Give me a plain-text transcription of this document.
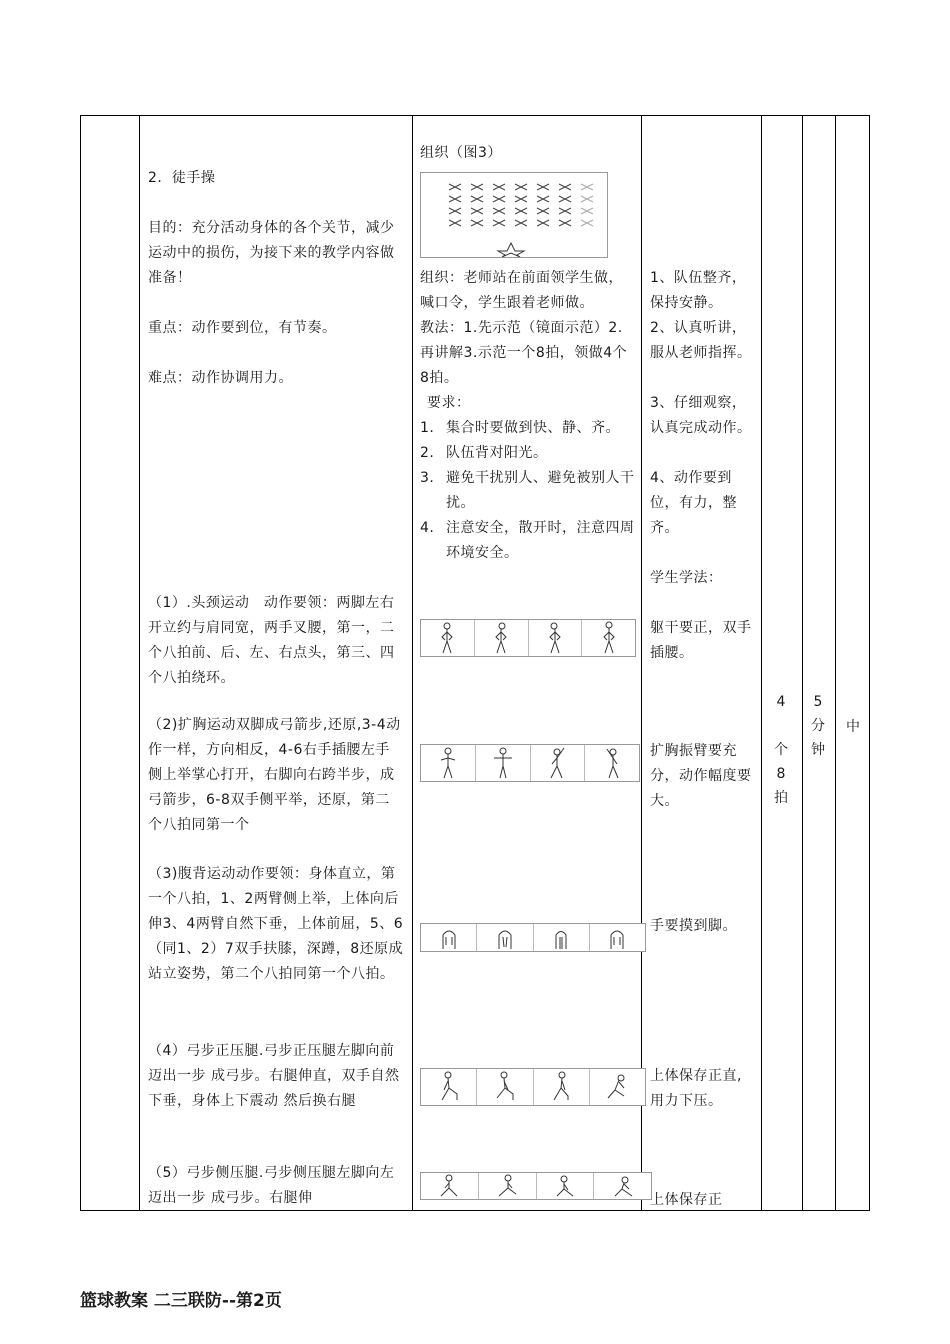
2．徒手操
目的：充分活动身体的各个关节，减少运动中的损伤，为接下来的教学内容做准备！
重点：动作要到位，有节奏。
难点：动作协调用力。
（1）.头颈运动　动作要领：两脚左右开立约与肩同宽，两手叉腰，第一，二个八拍前、后、左、右点头，第三、四个八拍绕环。
（2)扩胸运动双脚成弓箭步,还原,3-4动作一样，方向相反，4-6右手插腰左手侧上举掌心打开，右脚向右跨半步，成弓箭步，6-8双手侧平举，还原，第二个八拍同第一个
（3)腹背运动动作要领：身体直立，第一个八拍，1、2两臂侧上举，上体向后伸3、4两臂自然下垂，上体前屈，5、6（同1、2）7双手扶膝，深蹲，8还原成站立姿势，第二个八拍同第一个八拍。
（4）弓步正压腿.弓步正压腿左脚向前迈出一步 成弓步。右腿伸直，双手自然下垂，身体上下震动 然后换右腿
（5）弓步侧压腿.弓步侧压腿左脚向左迈出一步 成弓步。右腿伸
组织（图3）
组织：老师站在前面领学生做，喊口令，学生跟着老师做。
教法：1.先示范（镜面示范）2.再讲解3.示范一个8拍，领做4个8拍。
要求：
1. 集合时要做到快、静、齐。
2. 队伍背对阳光。
3. 避免干扰别人、避免被别人干扰。
4. 注意安全，散开时，注意四周环境安全。
1、队伍整齐，保持安静。
2、认真听讲，服从老师指挥。
3、仔细观察，认真完成动作。
4、动作要到位，有力，整齐。
学生学法：
躯干要正，双手插腰。
扩胸振臂要充分，动作幅度要大。
手要摸到脚。
上体保存正直,用力下压。
上体保存正
4
个
8
拍
5
分
钟
中
篮球教案 二三联防--第2页
